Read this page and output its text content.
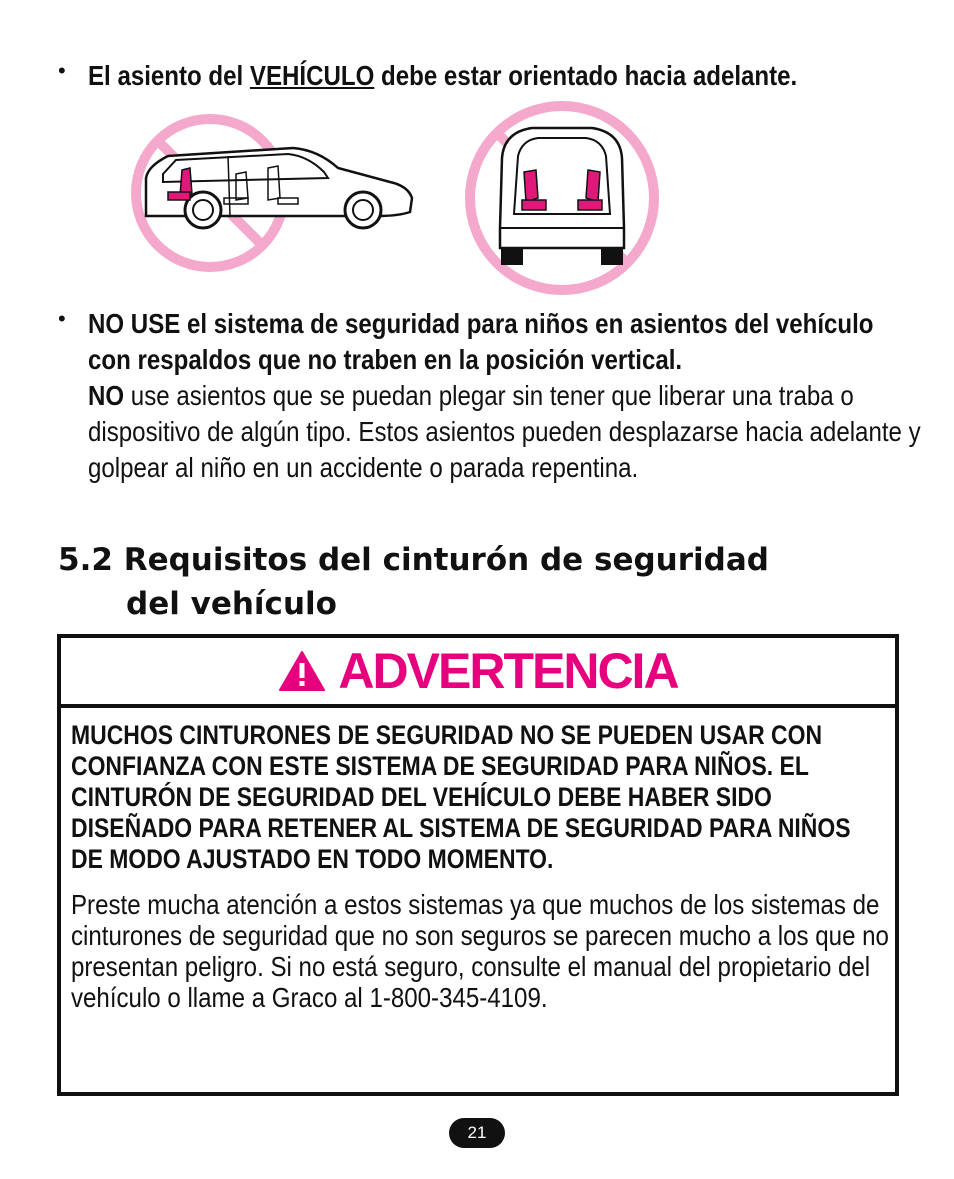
• El asiento del VEHÍCULO debe estar orientado hacia adelante.
• NO USE el sistema de seguridad para niños en asientos del vehículo con respaldos que no traben en la posición vertical.
NO use asientos que se puedan plegar sin tener que liberar una traba o dispositivo de algún tipo. Estos asientos pueden desplazarse hacia adelante y golpear al niño en un accidente o parada repentina.
5.2 Requisitos del cinturón de seguridad
del vehículo
ADVERTENCIA
MUCHOS CINTURONES DE SEGURIDAD NO SE PUEDEN USAR CON CONFIANZA CON ESTE SISTEMA DE SEGURIDAD PARA NIÑOS. EL CINTURÓN DE SEGURIDAD DEL VEHÍCULO DEBE HABER SIDO DISEÑADO PARA RETENER AL SISTEMA DE SEGURIDAD PARA NIÑOS DE MODO AJUSTADO EN TODO MOMENTO.
Preste mucha atención a estos sistemas ya que muchos de los sistemas de cinturones de seguridad que no son seguros se parecen mucho a los que no presentan peligro. Si no está seguro, consulte el manual del propietario del vehículo o llame a Graco al 1-800-345-4109.
21
